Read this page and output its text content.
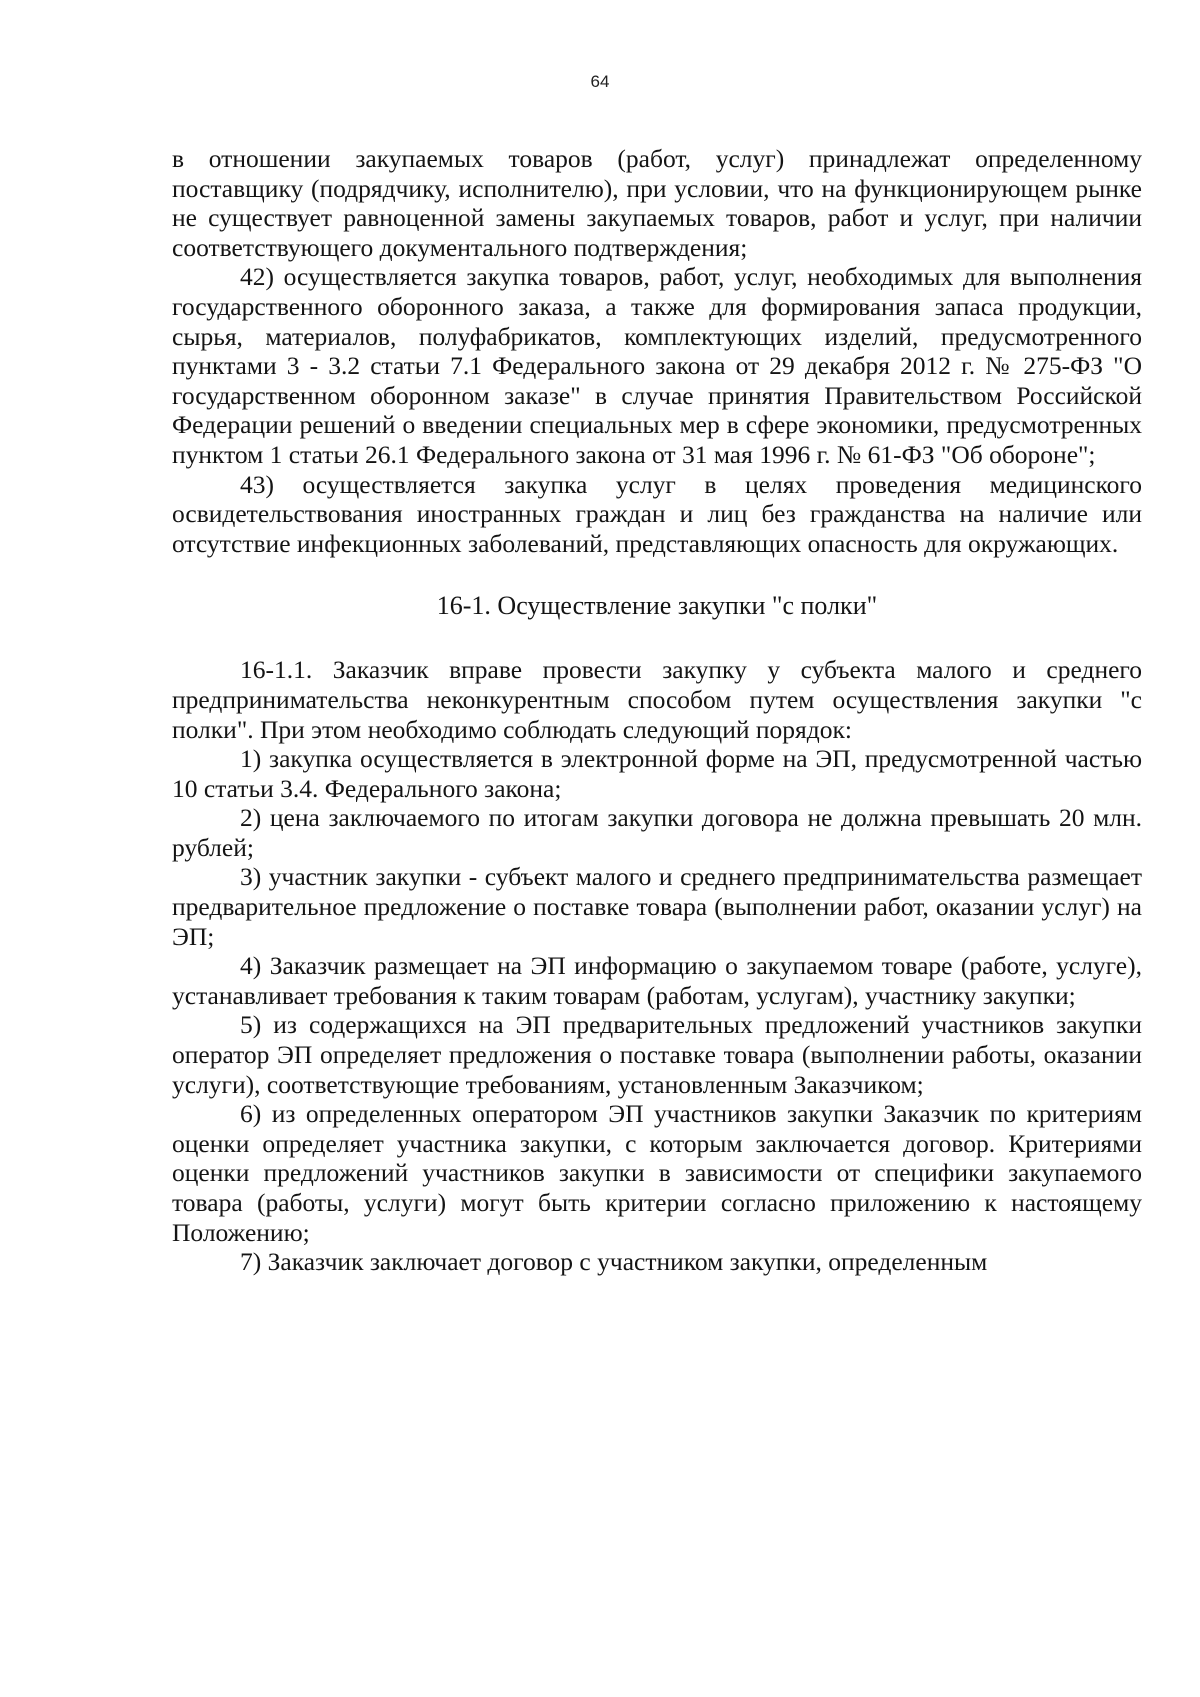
64

в отношении закупаемых товаров (работ, услуг) принадлежат определенному поставщику (подрядчику, исполнителю), при условии, что на функционирующем рынке не существует равноценной замены закупаемых товаров, работ и услуг, при наличии соответствующего документального подтверждения;

42) осуществляется закупка товаров, работ, услуг, необходимых для выполнения государственного оборонного заказа, а также для формирования запаса продукции, сырья, материалов, полуфабрикатов, комплектующих изделий, предусмотренного пунктами 3 - 3.2 статьи 7.1 Федерального закона от 29 декабря 2012 г. № 275-ФЗ "О государственном оборонном заказе" в случае принятия Правительством Российской Федерации решений о введении специальных мер в сфере экономики, предусмотренных пунктом 1 статьи 26.1 Федерального закона от 31 мая 1996 г. № 61-ФЗ "Об обороне";

43) осуществляется закупка услуг в целях проведения медицинского освидетельствования иностранных граждан и лиц без гражданства на наличие или отсутствие инфекционных заболеваний, представляющих опасность для окружающих.

16-1. Осуществление закупки "с полки"

16-1.1. Заказчик вправе провести закупку у субъекта малого и среднего предпринимательства неконкурентным способом путем осуществления закупки "с полки". При этом необходимо соблюдать следующий порядок:

1) закупка осуществляется в электронной форме на ЭП, предусмотренной частью 10 статьи 3.4. Федерального закона;

2) цена заключаемого по итогам закупки договора не должна превышать 20 млн. рублей;

3) участник закупки - субъект малого и среднего предпринимательства размещает предварительное предложение о поставке товара (выполнении работ, оказании услуг) на ЭП;

4) Заказчик размещает на ЭП информацию о закупаемом товаре (работе, услуге), устанавливает требования к таким товарам (работам, услугам), участнику закупки;

5) из содержащихся на ЭП предварительных предложений участников закупки оператор ЭП определяет предложения о поставке товара (выполнении работы, оказании услуги), соответствующие требованиям, установленным Заказчиком;

6) из определенных оператором ЭП участников закупки Заказчик по критериям оценки определяет участника закупки, с которым заключается договор. Критериями оценки предложений участников закупки в зависимости от специфики закупаемого товара (работы, услуги) могут быть критерии согласно приложению к настоящему Положению;

7) Заказчик заключает договор с участником закупки, определенным
